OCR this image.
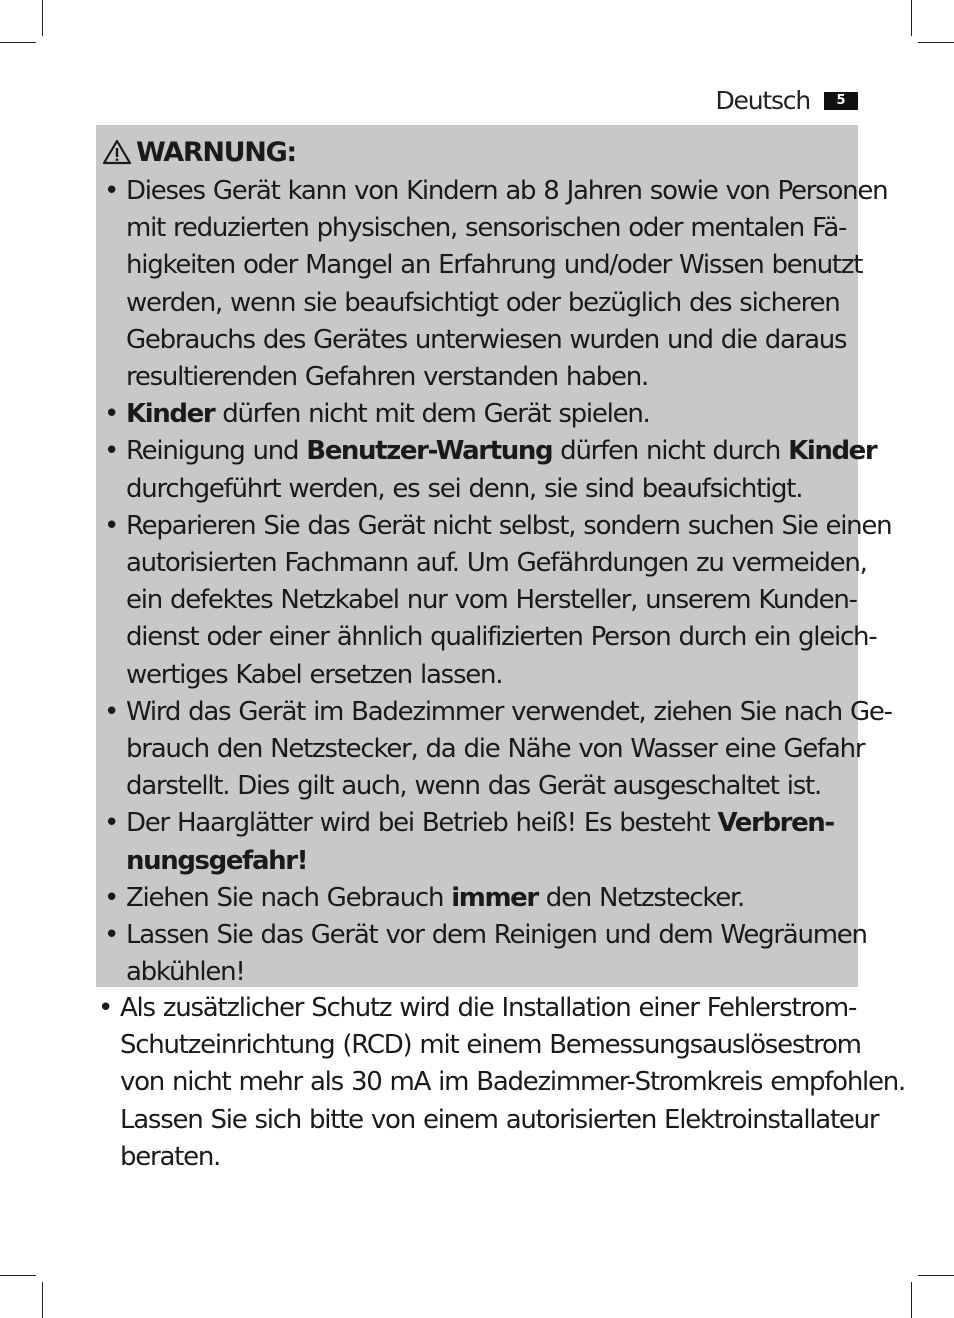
Deutsch	5
WARNUNG:
• Dieses Gerät kann von Kindern ab 8 Jahren sowie von Personen
mit reduzierten physischen, sensorischen oder mentalen Fä-
higkeiten oder Mangel an Erfahrung und/oder Wissen benutzt
werden, wenn sie beaufsichtigt oder bezüglich des sicheren
Gebrauchs des Gerätes unterwiesen wurden und die daraus
resultierenden Gefahren verstanden haben.
• Kinder dürfen nicht mit dem Gerät spielen.
• Reinigung und Benutzer-Wartung dürfen nicht durch Kinder
durchgeführt werden, es sei denn, sie sind beaufsichtigt.
• Reparieren Sie das Gerät nicht selbst, sondern suchen Sie einen
autorisierten Fachmann auf. Um Gefährdungen zu vermeiden,
ein defektes Netzkabel nur vom Hersteller, unserem Kunden-
dienst oder einer ähnlich qualifizierten Person durch ein gleich-
wertiges Kabel ersetzen lassen.
• Wird das Gerät im Badezimmer verwendet, ziehen Sie nach Ge-
brauch den Netzstecker, da die Nähe von Wasser eine Gefahr
darstellt. Dies gilt auch, wenn das Gerät ausgeschaltet ist.
• Der Haarglätter wird bei Betrieb heiß! Es besteht Verbren-
nungsgefahr!
• Ziehen Sie nach Gebrauch immer den Netzstecker.
• Lassen Sie das Gerät vor dem Reinigen und dem Wegräumen
abkühlen!
• Als zusätzlicher Schutz wird die Installation einer Fehlerstrom-
Schutzeinrichtung (RCD) mit einem Bemessungsauslösestrom
von nicht mehr als 30 mA im Badezimmer-Stromkreis empfohlen.
Lassen Sie sich bitte von einem autorisierten Elektroinstallateur
beraten.
